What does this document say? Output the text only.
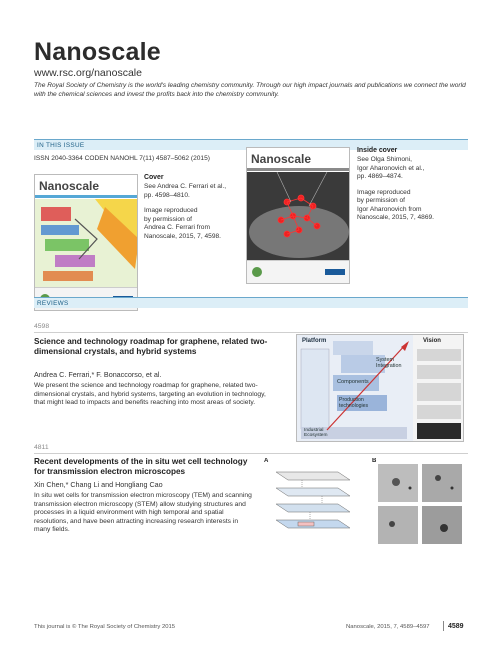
Nanoscale
www.rsc.org/nanoscale
The Royal Society of Chemistry is the world's leading chemistry community. Through our high impact journals and publications we connect the world with the chemical sciences and invest the profits back into the chemistry community.
IN THIS ISSUE
ISSN 2040-3364 CODEN NANOHL 7(11) 4587–5062 (2015)
Nanoscale
Cover
See Andrea C. Ferrari et al.,
pp. 4598–4810.
Image reproduced
by permission of
Andrea C. Ferrari from
Nanoscale, 2015, 7, 4598.
Nanoscale
Inside cover
See Olga Shimoni,
Igor Aharonovich et al.,
pp. 4869–4874.
Image reproduced
by permission of
Igor Aharonovich from
Nanoscale, 2015, 7, 4869.
REVIEWS
4598
Science and technology roadmap for graphene, related two-dimensional crystals, and hybrid systems
Andrea C. Ferrari,* F. Bonaccorso, et al.
We present the science and technology roadmap for graphene, related two-dimensional crystals, and hybrid systems, targeting an evolution in technology, that might lead to impacts and benefits reaching into most areas of society.
Platform	Vision
System Integration
Components
Production technologies
Industrial Ecosystem
4811
Recent developments of the in situ wet cell technology for transmission electron microscopes
Xin Chen,* Chang Li and Hongliang Cao
In situ wet cells for transmission electron microscopy (TEM) and scanning transmission electron microscopy (STEM) allow studying structures and processes in a liquid environment with high temporal and spatial resolutions, and have been attracting increasing research interests in many fields.
A	B
This journal is © The Royal Society of Chemistry 2015	Nanoscale, 2015, 7, 4589–4597	4589
